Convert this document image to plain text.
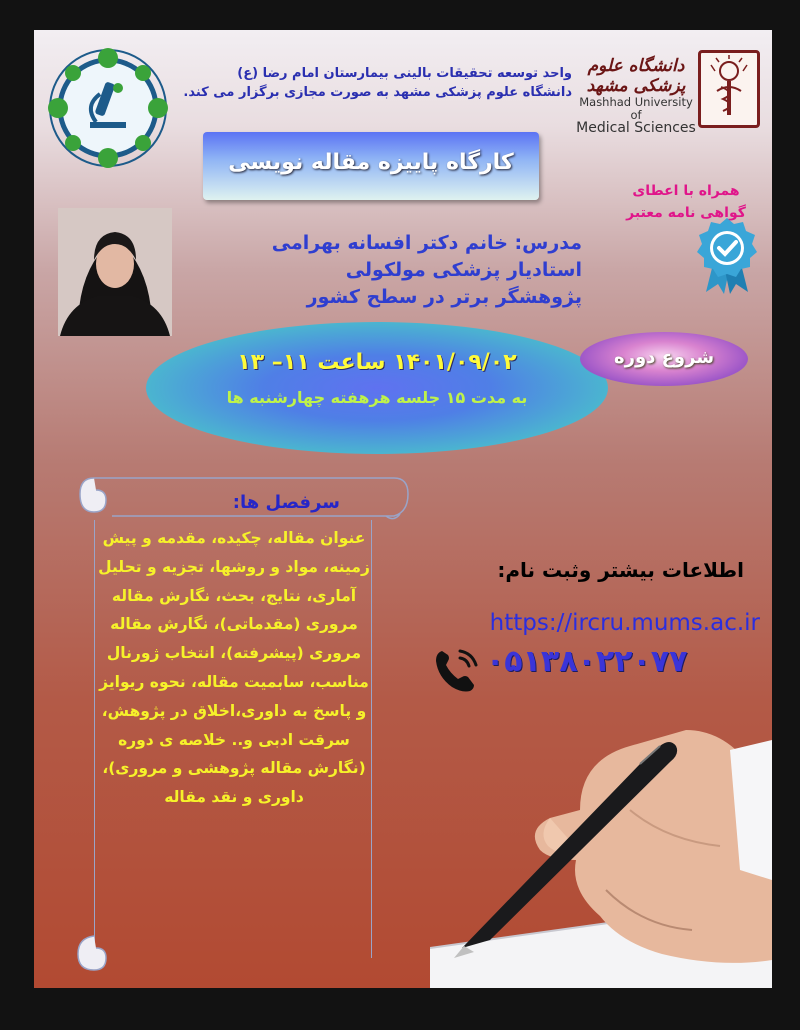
واحد توسعه تحقیقات بالینی بیمارستان امام رضا (ع)
دانشگاه علوم پزشکی مشهد به صورت مجازی برگزار می کند.
دانشگاه علوم پزشکی مشهد
Mashhad University of
Medical Sciences
کارگاه پاییزه مقاله نویسی
همراه با اعطای
گواهی نامه معتبر
مدرس: خانم دکتر افسانه بهرامی
استادیار پزشکی مولکولی
پژوهشگر برتر در سطح کشور
۱۴۰۱/۰۹/۰۲ ساعت ۱۱– ۱۳
به مدت ۱۵ جلسه هرهفته چهارشنبه ها
شروع دوره
سرفصل ها:
عنوان مقاله، چکیده، مقدمه و پیش زمینه، مواد و روشها، تجزیه و تحلیل آماری، نتایج، بحث، نگارش مقاله مروری (مقدماتی)، نگارش مقاله مروری (پیشرفته)، انتخاب ژورنال مناسب، سابمیت مقاله، نحوه ریوایز و پاسخ به داوری،اخلاق در پژوهش، سرقت ادبی و.. خلاصه ی دوره (نگارش مقاله پژوهشی و مروری)، داوری و نقد مقاله
اطلاعات بیشتر وثبت نام:
https://ircru.mums.ac.ir
۰۵۱۳۸۰۲۲۰۷۷
